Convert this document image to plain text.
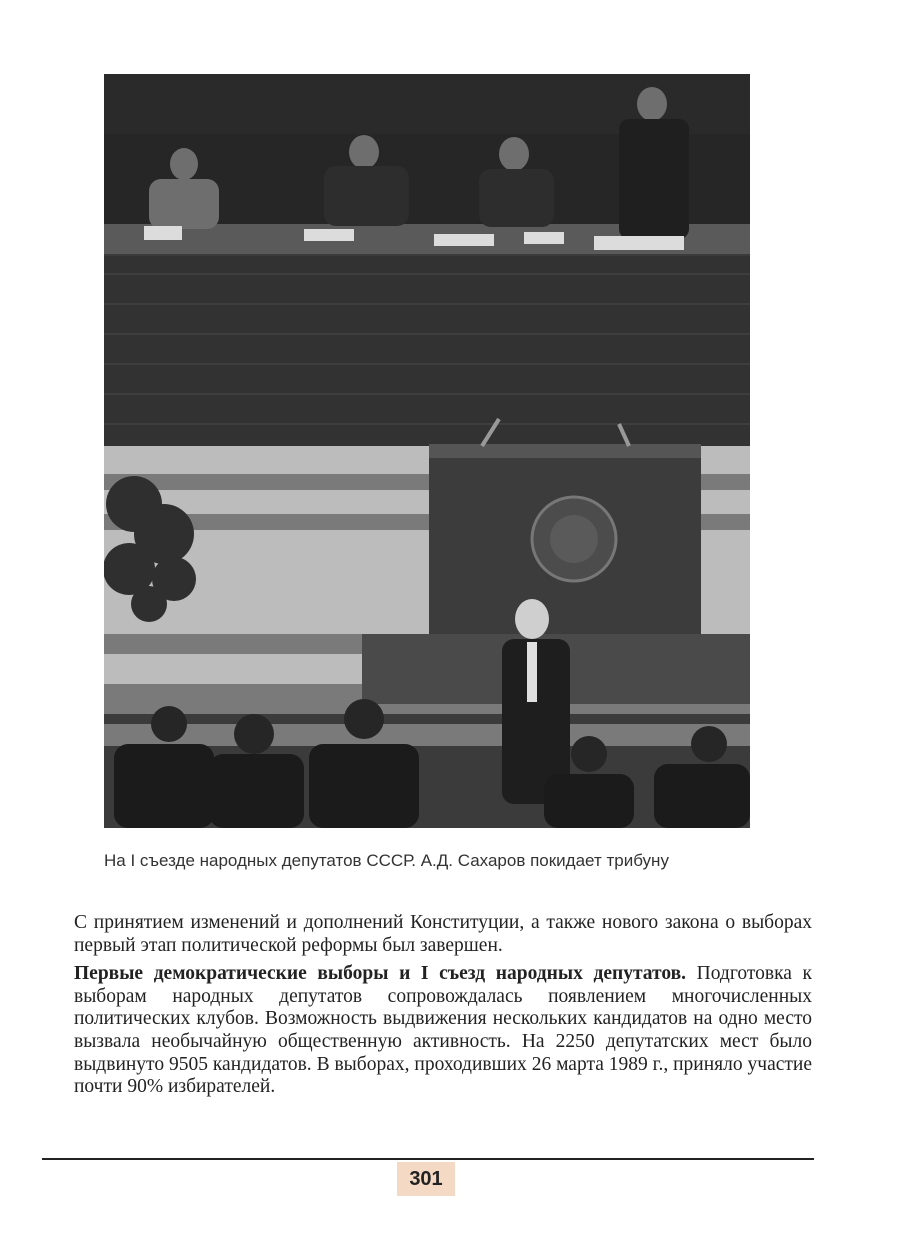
На I съезде народных депутатов СССР. А.Д. Сахаров покидает трибуну

С принятием изменений и дополнений Конституции, а также нового закона о выборах первый этап политической реформы был завершен.

Первые демократические выборы и I съезд народных депутатов. Подготовка к выборам народных депутатов сопровождалась появлением многочисленных политических клубов. Возможность выдвижения нескольких кандидатов на одно место вызвала необычайную общественную активность. На 2250 депутатских мест было выдвинуто 9505 кандидатов. В выборах, проходивших 26 марта 1989 г., приняло участие почти 90% избирателей.

301
